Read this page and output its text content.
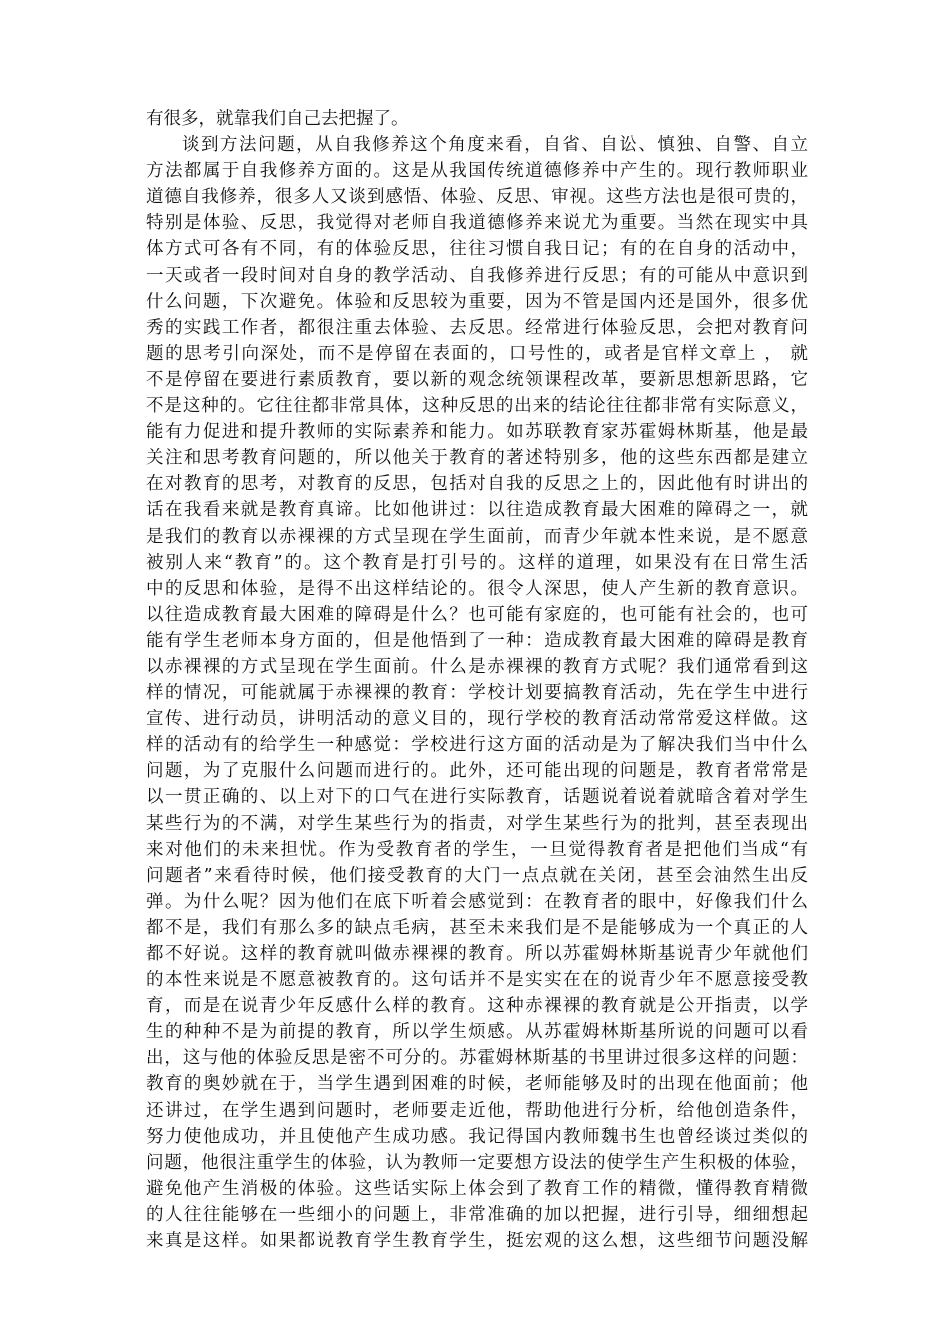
有很多，就靠我们自己去把握了。
谈到方法问题，从自我修养这个角度来看，自省、自讼、慎独、自警、自立
方法都属于自我修养方面的。这是从我国传统道德修养中产生的。现行教师职业
道德自我修养，很多人又谈到感悟、体验、反思、审视。这些方法也是很可贵的，
特别是体验、反思，我觉得对老师自我道德修养来说尤为重要。当然在现实中具
体方式可各有不同，有的体验反思，往往习惯自我日记；有的在自身的活动中，
一天或者一段时间对自身的教学活动、自我修养进行反思；有的可能从中意识到
什么问题，下次避免。体验和反思较为重要，因为不管是国内还是国外，很多优
秀的实践工作者，都很注重去体验、去反思。经常进行体验反思，会把对教育问
题的思考引向深处，而不是停留在表面的，口号性的，或者是官样文章上 ， 就
不是停留在要进行素质教育，要以新的观念统领课程改革，要新思想新思路，它
不是这种的。它往往都非常具体，这种反思的出来的结论往往都非常有实际意义，
能有力促进和提升教师的实际素养和能力。如苏联教育家苏霍姆林斯基，他是最
关注和思考教育问题的，所以他关于教育的著述特别多，他的这些东西都是建立
在对教育的思考，对教育的反思，包括对自我的反思之上的，因此他有时讲出的
话在我看来就是教育真谛。比如他讲过：以往造成教育最大困难的障碍之一，就
是我们的教育以赤裸裸的方式呈现在学生面前，而青少年就本性来说，是不愿意
被别人来“教育”的。这个教育是打引号的。这样的道理，如果没有在日常生活
中的反思和体验，是得不出这样结论的。很令人深思，使人产生新的教育意识。
以往造成教育最大困难的障碍是什么？也可能有家庭的，也可能有社会的，也可
能有学生老师本身方面的，但是他悟到了一种：造成教育最大困难的障碍是教育
以赤裸裸的方式呈现在学生面前。什么是赤裸裸的教育方式呢？我们通常看到这
样的情况，可能就属于赤裸裸的教育：学校计划要搞教育活动，先在学生中进行
宣传、进行动员，讲明活动的意义目的，现行学校的教育活动常常爱这样做。这
样的活动有的给学生一种感觉：学校进行这方面的活动是为了解决我们当中什么
问题，为了克服什么问题而进行的。此外，还可能出现的问题是，教育者常常是
以一贯正确的、以上对下的口气在进行实际教育，话题说着说着就暗含着对学生
某些行为的不满，对学生某些行为的指责，对学生某些行为的批判，甚至表现出
来对他们的未来担忧。作为受教育者的学生，一旦觉得教育者是把他们当成“有
问题者”来看待时候，他们接受教育的大门一点点就在关闭，甚至会油然生出反
弹。为什么呢？因为他们在底下听着会感觉到：在教育者的眼中，好像我们什么
都不是，我们有那么多的缺点毛病，甚至未来我们是不是能够成为一个真正的人
都不好说。这样的教育就叫做赤裸裸的教育。所以苏霍姆林斯基说青少年就他们
的本性来说是不愿意被教育的。这句话并不是实实在在的说青少年不愿意接受教
育，而是在说青少年反感什么样的教育。这种赤裸裸的教育就是公开指责，以学
生的种种不是为前提的教育，所以学生烦感。从苏霍姆林斯基所说的问题可以看
出，这与他的体验反思是密不可分的。苏霍姆林斯基的书里讲过很多这样的问题：
教育的奥妙就在于，当学生遇到困难的时候，老师能够及时的出现在他面前；他
还讲过，在学生遇到问题时，老师要走近他，帮助他进行分析，给他创造条件，
努力使他成功，并且使他产生成功感。我记得国内教师魏书生也曾经谈过类似的
问题，他很注重学生的体验，认为教师一定要想方设法的使学生产生积极的体验，
避免他产生消极的体验。这些话实际上体会到了教育工作的精微，懂得教育精微
的人往往能够在一些细小的问题上，非常准确的加以把握，进行引导，细细想起
来真是这样。如果都说教育学生教育学生，挺宏观的这么想，这些细节问题没解
